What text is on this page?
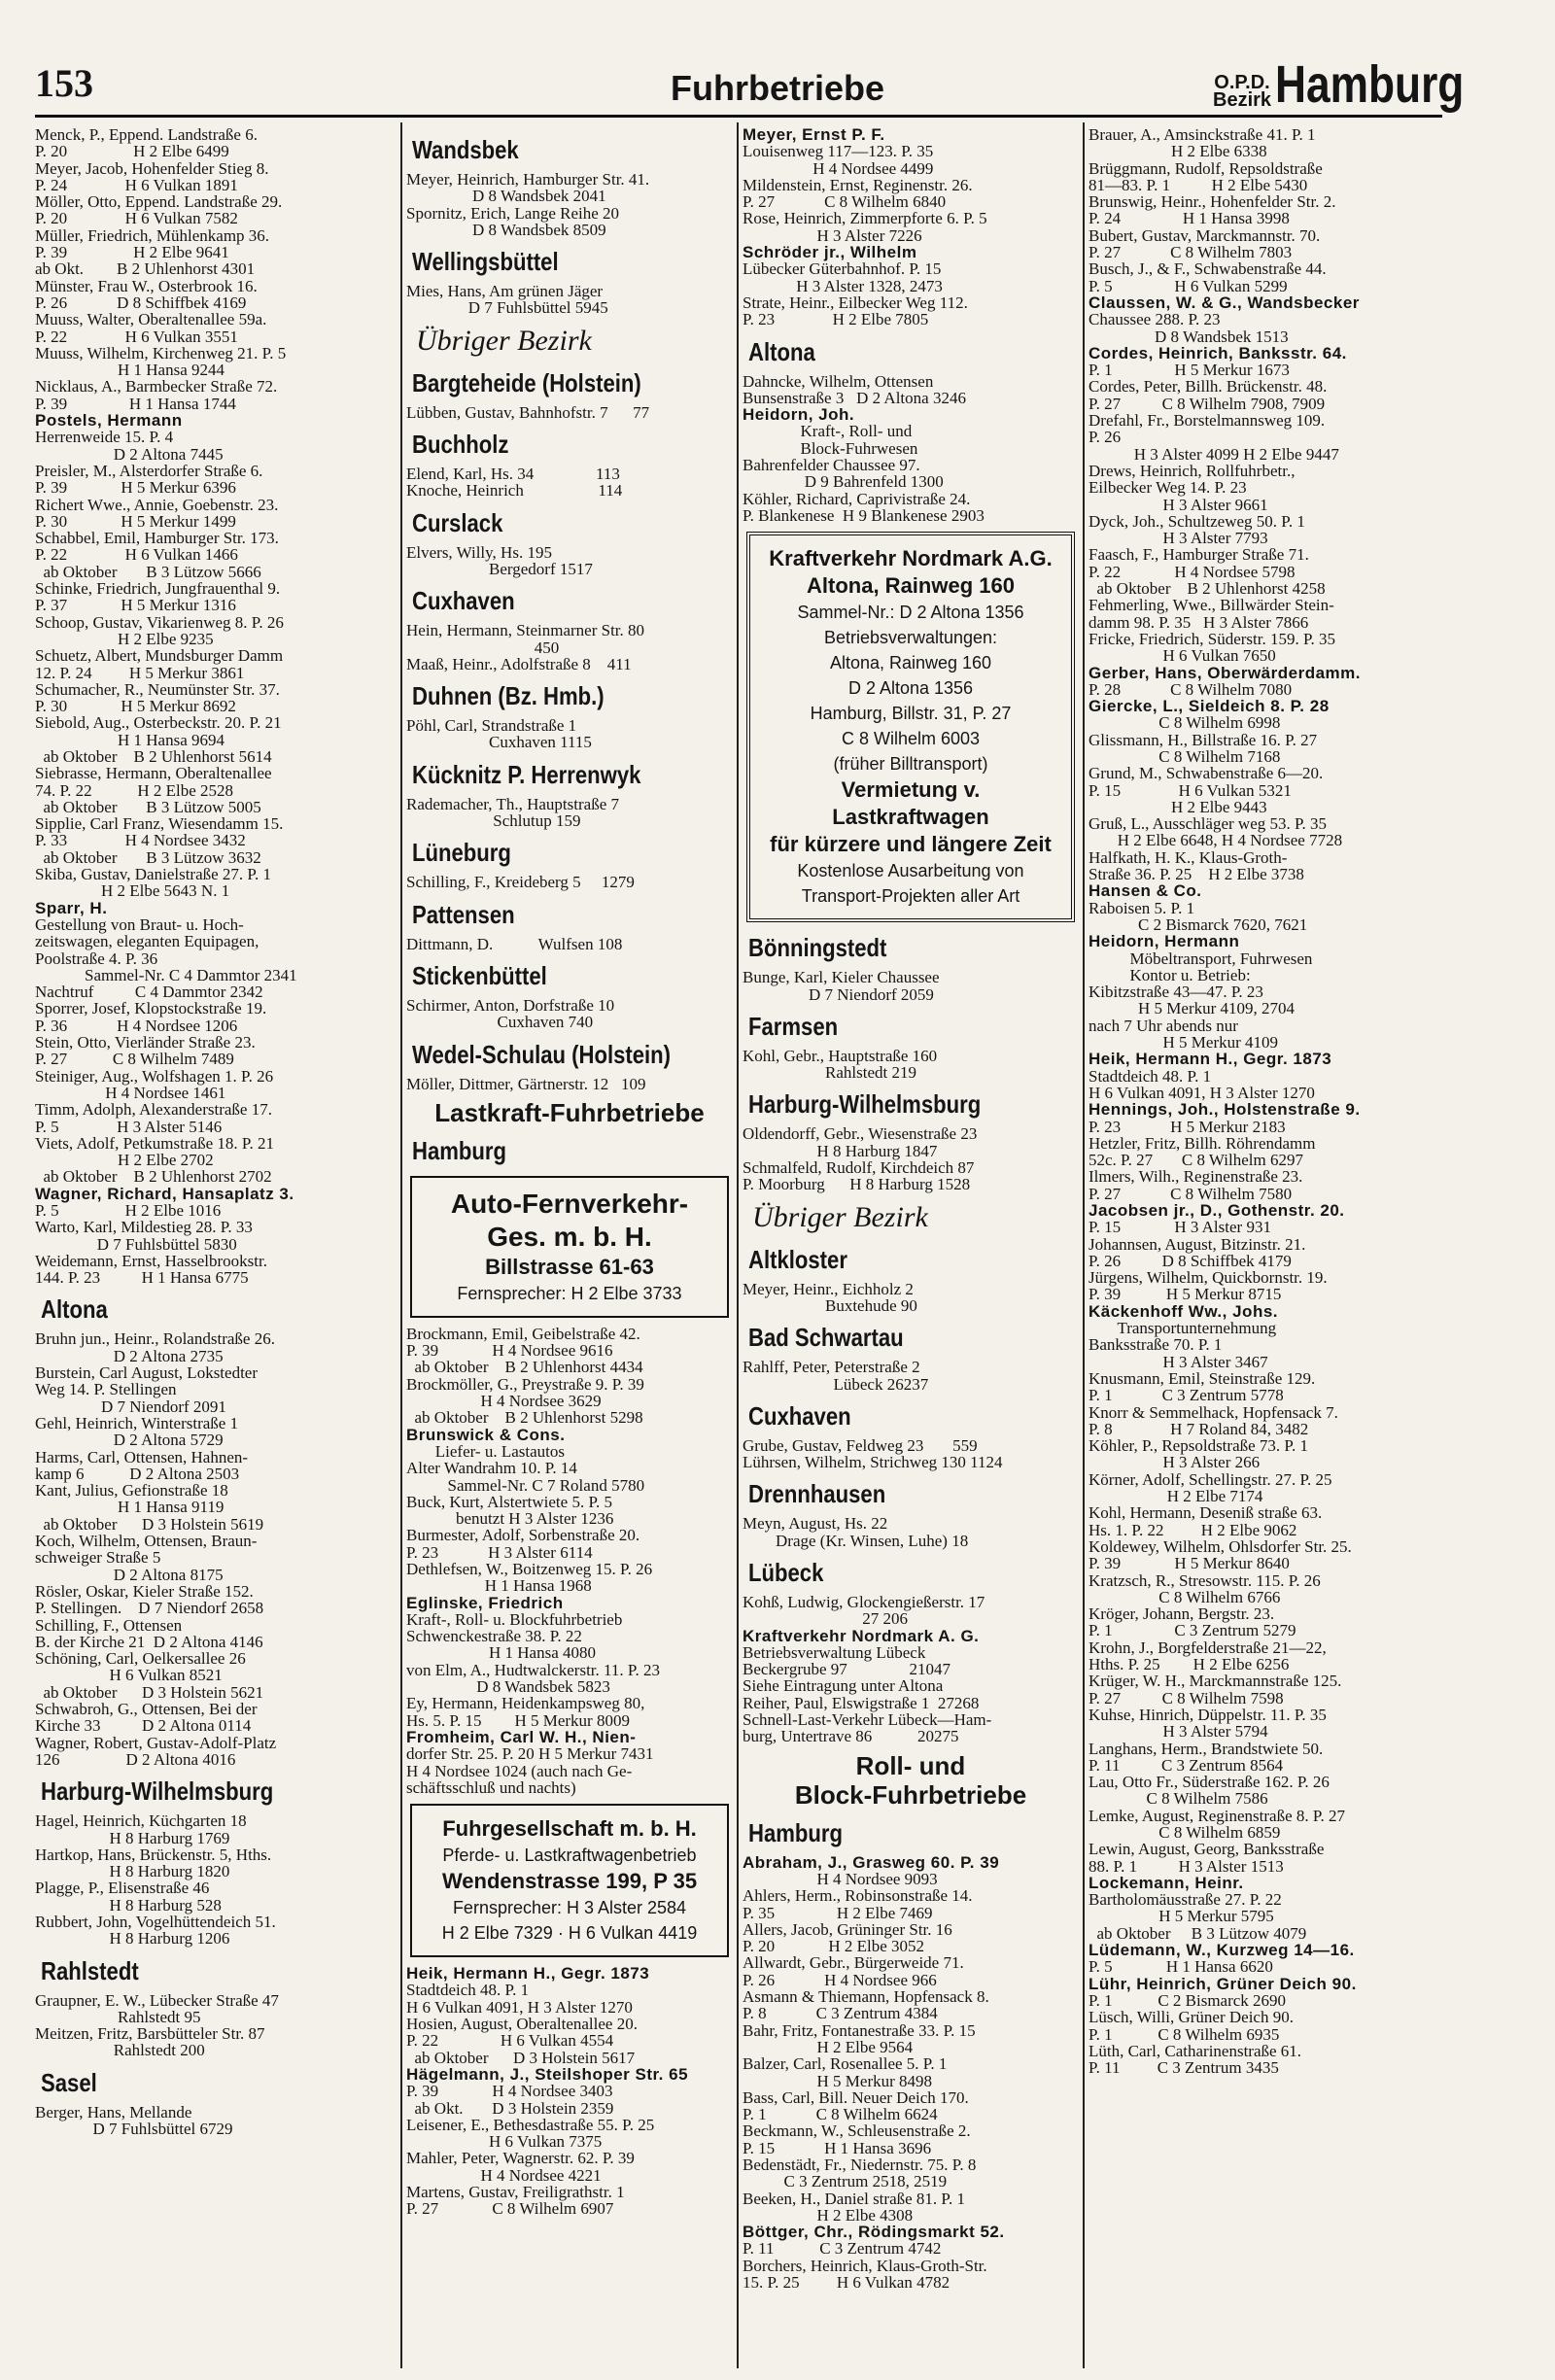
153	Fuhrbetriebe	O.P.D.
Bezirk Hamburg
Menck, P., Eppend. Landstraße 6.
P. 20                H 2 Elbe 6499
Meyer, Jacob, Hohenfelder Stieg 8.
P. 24              H 6 Vulkan 1891
Möller, Otto, Eppend. Landstraße 29.
P. 20              H 6 Vulkan 7582
Müller, Friedrich, Mühlenkamp 36.
P. 39                H 2 Elbe 9641
ab Okt.        B 2 Uhlenhorst 4301
Münster, Frau W., Osterbrook 16.
P. 26            D 8 Schiffbek 4169
Muuss, Walter, Oberaltenallee 59a.
P. 22              H 6 Vulkan 3551
Muuss, Wilhelm, Kirchenweg 21. P. 5
H 1 Hansa 9244
Nicklaus, A., Barmbecker Straße 72.
P. 39               H 1 Hansa 1744
Postels, Hermann
Herrenweide 15. P. 4
D 2 Altona 7445
Preisler, M., Alsterdorfer Straße 6.
P. 39             H 5 Merkur 6396
Richert Wwe., Annie, Goebenstr. 23.
P. 30             H 5 Merkur 1499
Schabbel, Emil, Hamburger Str. 173.
P. 22              H 6 Vulkan 1466
ab Oktober       B 3 Lützow 5666
Schinke, Friedrich, Jungfrauenthal 9.
P. 37             H 5 Merkur 1316
Schoop, Gustav, Vikarienweg 8. P. 26
H 2 Elbe 9235
Schuetz, Albert, Mundsburger Damm
12. P. 24         H 5 Merkur 3861
Schumacher, R., Neumünster Str. 37.
P. 30             H 5 Merkur 8692
Siebold, Aug., Osterbeckstr. 20. P. 21
H 1 Hansa 9694
ab Oktober    B 2 Uhlenhorst 5614
Siebrasse, Hermann, Oberaltenallee
74. P. 22           H 2 Elbe 2528
ab Oktober       B 3 Lützow 5005
Sipplie, Carl Franz, Wiesendamm 15.
P. 33              H 4 Nordsee 3432
ab Oktober       B 3 Lützow 3632
Skiba, Gustav, Danielstraße 27. P. 1
H 2 Elbe 5643 N. 1
Sparr, H.
Gestellung von Braut- u. Hoch-
zeitswagen, eleganten Equipagen,
Poolstraße 4. P. 36
Sammel-Nr. C 4 Dammtor 2341
Nachtruf          C 4 Dammtor 2342
Sporrer, Josef, Klopstockstraße 19.
P. 36            H 4 Nordsee 1206
Stein, Otto, Vierländer Straße 23.
P. 27           C 8 Wilhelm 7489
Steiniger, Aug., Wolfshagen 1. P. 26
H 4 Nordsee 1461
Timm, Adolph, Alexanderstraße 17.
P. 5              H 3 Alster 5146
Viets, Adolf, Petkumstraße 18. P. 21
H 2 Elbe 2702
ab Oktober    B 2 Uhlenhorst 2702
Wagner, Richard, Hansaplatz 3.
P. 5                H 2 Elbe 1016
Warto, Karl, Mildestieg 28. P. 33
D 7 Fuhlsbüttel 5830
Weidemann, Ernst, Hasselbrookstr.
144. P. 23          H 1 Hansa 6775
Altona
Bruhn jun., Heinr., Rolandstraße 26.
D 2 Altona 2735
Burstein, Carl August, Lokstedter
Weg 14. P. Stellingen
D 7 Niendorf 2091
Gehl, Heinrich, Winterstraße 1
D 2 Altona 5729
Harms, Carl, Ottensen, Hahnen-
kamp 6           D 2 Altona 2503
Kant, Julius, Gefionstraße 18
H 1 Hansa 9119
ab Oktober      D 3 Holstein 5619
Koch, Wilhelm, Ottensen, Braun-
schweiger Straße 5
D 2 Altona 8175
Rösler, Oskar, Kieler Straße 152.
P. Stellingen.    D 7 Niendorf 2658
Schilling, F., Ottensen
B. der Kirche 21  D 2 Altona 4146
Schöning, Carl, Oelkersallee 26
H 6 Vulkan 8521
ab Oktober      D 3 Holstein 5621
Schwabroh, G., Ottensen, Bei der
Kirche 33          D 2 Altona 0114
Wagner, Robert, Gustav-Adolf-Platz
126                D 2 Altona 4016
Harburg-Wilhelmsburg
Hagel, Heinrich, Küchgarten 18
H 8 Harburg 1769
Hartkop, Hans, Brückenstr. 5, Hths.
H 8 Harburg 1820
Plagge, P., Elisenstraße 46
H 8 Harburg 528
Rubbert, John, Vogelhüttendeich 51.
H 8 Harburg 1206
Rahlstedt
Graupner, E. W., Lübecker Straße 47
Rahlstedt 95
Meitzen, Fritz, Barsbütteler Str. 87
Rahlstedt 200
Sasel
Berger, Hans, Mellande
D 7 Fuhlsbüttel 6729
Wandsbek
Meyer, Heinrich, Hamburger Str. 41.
D 8 Wandsbek 2041
Spornitz, Erich, Lange Reihe 20
D 8 Wandsbek 8509
Wellingsbüttel
Mies, Hans, Am grünen Jäger
D 7 Fuhlsbüttel 5945
Übriger Bezirk
Bargteheide (Holstein)
Lübben, Gustav, Bahnhofstr. 7      77
Buchholz
Elend, Karl, Hs. 34               113
Knoche, Heinrich                  114
Curslack
Elvers, Willy, Hs. 195
Bergedorf 1517
Cuxhaven
Hein, Hermann, Steinmarner Str. 80
450
Maaß, Heinr., Adolfstraße 8    411
Duhnen (Bz. Hmb.)
Pöhl, Carl, Strandstraße 1
Cuxhaven 1115
Kücknitz P. Herrenwyk
Rademacher, Th., Hauptstraße 7
Schlutup 159
Lüneburg
Schilling, F., Kreideberg 5     1279
Pattensen
Dittmann, D.           Wulfsen 108
Stickenbüttel
Schirmer, Anton, Dorfstraße 10
Cuxhaven 740
Wedel-Schulau (Holstein)
Möller, Dittmer, Gärtnerstr. 12   109
Lastkraft-Fuhrbetriebe
Hamburg
Auto-Fernverkehr-
Ges. m. b. H.
Billstrasse 61-63
Fernsprecher: H 2 Elbe 3733
Brockmann, Emil, Geibelstraße 42.
P. 39             H 4 Nordsee 9616
ab Oktober    B 2 Uhlenhorst 4434
Brockmöller, G., Preystraße 9. P. 39
H 4 Nordsee 3629
ab Oktober    B 2 Uhlenhorst 5298
Brunswick & Cons.
Liefer- u. Lastautos
Alter Wandrahm 10. P. 14
Sammel-Nr. C 7 Roland 5780
Buck, Kurt, Alstertwiete 5. P. 5
benutzt H 3 Alster 1236
Burmester, Adolf, Sorbenstraße 20.
P. 23            H 3 Alster 6114
Dethlefsen, W., Boitzenweg 15. P. 26
H 1 Hansa 1968
Eglinske, Friedrich
Kraft-, Roll- u. Blockfuhrbetrieb
Schwenckestraße 38. P. 22
H 1 Hansa 4080
von Elm, A., Hudtwalckerstr. 11. P. 23
D 8 Wandsbek 5823
Ey, Hermann, Heidenkampsweg 80,
Hs. 5. P. 15        H 5 Merkur 8009
Fromheim, Carl W. H., Nien-
dorfer Str. 25. P. 20 H 5 Merkur 7431
H 4 Nordsee 1024 (auch nach Ge-
schäftsschluß und nachts)
Fuhrgesellschaft m. b. H.
Pferde- u. Lastkraftwagenbetrieb
Wendenstrasse 199, P 35
Fernsprecher: H 3 Alster 2584
H 2 Elbe 7329 · H 6 Vulkan 4419
Heik, Hermann H., Gegr. 1873
Stadtdeich 48. P. 1
H 6 Vulkan 4091, H 3 Alster 1270
Hosien, August, Oberaltenallee 20.
P. 22               H 6 Vulkan 4554
ab Oktober      D 3 Holstein 5617
Hägelmann, J., Steilshoper Str. 65
P. 39             H 4 Nordsee 3403
ab Okt.       D 3 Holstein 2359
Leisener, E., Bethesdastraße 55. P. 25
H 6 Vulkan 7375
Mahler, Peter, Wagnerstr. 62. P. 39
H 4 Nordsee 4221
Martens, Gustav, Freiligrathstr. 1
P. 27             C 8 Wilhelm 6907
Meyer, Ernst P. F.
Louisenweg 117—123. P. 35
H 4 Nordsee 4499
Mildenstein, Ernst, Reginenstr. 26.
P. 27            C 8 Wilhelm 6840
Rose, Heinrich, Zimmerpforte 6. P. 5
H 3 Alster 7226
Schröder jr., Wilhelm
Lübecker Güterbahnhof. P. 15
H 3 Alster 1328, 2473
Strate, Heinr., Eilbecker Weg 112.
P. 23              H 2 Elbe 7805
Altona
Dahncke, Wilhelm, Ottensen
Bunsenstraße 3   D 2 Altona 3246
Heidorn, Joh.
Kraft-, Roll- und
Block-Fuhrwesen
Bahrenfelder Chaussee 97.
D 9 Bahrenfeld 1300
Köhler, Richard, Caprivistraße 24.
P. Blankenese  H 9 Blankenese 2903
Kraftverkehr Nordmark A.G.
Altona, Rainweg 160
Sammel-Nr.: D 2 Altona 1356
Betriebsverwaltungen:
Altona, Rainweg 160
D 2 Altona 1356
Hamburg, Billstr. 31, P. 27
C 8 Wilhelm 6003
(früher Billtransport)
Vermietung v. Lastkraftwagen
für kürzere und längere Zeit
Kostenlose Ausarbeitung von
Transport-Projekten aller Art
Bönningstedt
Bunge, Karl, Kieler Chaussee
D 7 Niendorf 2059
Farmsen
Kohl, Gebr., Hauptstraße 160
Rahlstedt 219
Harburg-Wilhelmsburg
Oldendorff, Gebr., Wiesenstraße 23
H 8 Harburg 1847
Schmalfeld, Rudolf, Kirchdeich 87
P. Moorburg      H 8 Harburg 1528
Übriger Bezirk
Altkloster
Meyer, Heinr., Eichholz 2
Buxtehude 90
Bad Schwartau
Rahlff, Peter, Peterstraße 2
Lübeck 26237
Cuxhaven
Grube, Gustav, Feldweg 23       559
Lührsen, Wilhelm, Strichweg 130 1124
Drennhausen
Meyn, August, Hs. 22
Drage (Kr. Winsen, Luhe) 18
Lübeck
Kohß, Ludwig, Glockengießerstr. 17
27 206
Kraftverkehr Nordmark A. G.
Betriebsverwaltung Lübeck
Beckergrube 97               21047
Siehe Eintragung unter Altona
Reiher, Paul, Elswigstraße 1  27268
Schnell-Last-Verkehr Lübeck—Ham-
burg, Untertrave 86           20275
Roll- und
Block-Fuhrbetriebe
Hamburg
Abraham, J., Grasweg 60. P. 39
H 4 Nordsee 9093
Ahlers, Herm., Robinsonstraße 14.
P. 35               H 2 Elbe 7469
Allers, Jacob, Grüninger Str. 16
P. 20             H 2 Elbe 3052
Allwardt, Gebr., Bürgerweide 71.
P. 26            H 4 Nordsee 966
Asmann & Thiemann, Hopfensack 8.
P. 8            C 3 Zentrum 4384
Bahr, Fritz, Fontanestraße 33. P. 15
H 2 Elbe 9564
Balzer, Carl, Rosenallee 5. P. 1
H 5 Merkur 8498
Bass, Carl, Bill. Neuer Deich 170.
P. 1            C 8 Wilhelm 6624
Beckmann, W., Schleusenstraße 2.
P. 15            H 1 Hansa 3696
Bedenstädt, Fr., Niedernstr. 75. P. 8
C 3 Zentrum 2518, 2519
Beeken, H., Daniel straße 81. P. 1
H 2 Elbe 4308
Böttger, Chr., Rödingsmarkt 52.
P. 11           C 3 Zentrum 4742
Borchers, Heinrich, Klaus-Groth-Str.
15. P. 25         H 6 Vulkan 4782
Brauer, A., Amsinckstraße 41. P. 1
H 2 Elbe 6338
Brüggmann, Rudolf, Repsoldstraße
81—83. P. 1          H 2 Elbe 5430
Brunswig, Heinr., Hohenfelder Str. 2.
P. 24               H 1 Hansa 3998
Bubert, Gustav, Marckmannstr. 70.
P. 27            C 8 Wilhelm 7803
Busch, J., & F., Schwabenstraße 44.
P. 5               H 6 Vulkan 5299
Claussen, W. & G., Wandsbecker
Chaussee 288. P. 23
D 8 Wandsbek 1513
Cordes, Heinrich, Banksstr. 64.
P. 1               H 5 Merkur 1673
Cordes, Peter, Billh. Brückenstr. 48.
P. 27          C 8 Wilhelm 7908, 7909
Drefahl, Fr., Borstelmannsweg 109.
P. 26
H 3 Alster 4099 H 2 Elbe 9447
Drews, Heinrich, Rollfuhrbetr.,
Eilbecker Weg 14. P. 23
H 3 Alster 9661
Dyck, Joh., Schultzeweg 50. P. 1
H 3 Alster 7793
Faasch, F., Hamburger Straße 71.
P. 22             H 4 Nordsee 5798
ab Oktober    B 2 Uhlenhorst 4258
Fehmerling, Wwe., Billwärder Stein-
damm 98. P. 35   H 3 Alster 7866
Fricke, Friedrich, Süderstr. 159. P. 35
H 6 Vulkan 7650
Gerber, Hans, Oberwärderdamm.
P. 28            C 8 Wilhelm 7080
Giercke, L., Sieldeich 8. P. 28
C 8 Wilhelm 6998
Glissmann, H., Billstraße 16. P. 27
C 8 Wilhelm 7168
Grund, M., Schwabenstraße 6—20.
P. 15              H 6 Vulkan 5321
H 2 Elbe 9443
Gruß, L., Ausschläger weg 53. P. 35
H 2 Elbe 6648, H 4 Nordsee 7728
Halfkath, H. K., Klaus-Groth-
Straße 36. P. 25    H 2 Elbe 3738
Hansen & Co.
Raboisen 5. P. 1
C 2 Bismarck 7620, 7621
Heidorn, Hermann
Möbeltransport, Fuhrwesen
Kontor u. Betrieb:
Kibitzstraße 43—47. P. 23
H 5 Merkur 4109, 2704
nach 7 Uhr abends nur
H 5 Merkur 4109
Heik, Hermann H., Gegr. 1873
Stadtdeich 48. P. 1
H 6 Vulkan 4091, H 3 Alster 1270
Hennings, Joh., Holstenstraße 9.
P. 23            H 5 Merkur 2183
Hetzler, Fritz, Billh. Röhrendamm
52c. P. 27       C 8 Wilhelm 6297
Ilmers, Wilh., Reginenstraße 23.
P. 27            C 8 Wilhelm 7580
Jacobsen jr., D., Gothenstr. 20.
P. 15             H 3 Alster 931
Johannsen, August, Bitzinstr. 21.
P. 26          D 8 Schiffbek 4179
Jürgens, Wilhelm, Quickbornstr. 19.
P. 39           H 5 Merkur 8715
Käckenhoff Ww., Johs.
Transportunternehmung
Banksstraße 70. P. 1
H 3 Alster 3467
Knusmann, Emil, Steinstraße 129.
P. 1            C 3 Zentrum 5778
Knorr & Semmelhack, Hopfensack 7.
P. 8              H 7 Roland 84, 3482
Köhler, P., Repsoldstraße 73. P. 1
H 3 Alster 266
Körner, Adolf, Schellingstr. 27. P. 25
H 2 Elbe 7174
Kohl, Hermann, Deseniß straße 63.
Hs. 1. P. 22         H 2 Elbe 9062
Koldewey, Wilhelm, Ohlsdorfer Str. 25.
P. 39             H 5 Merkur 8640
Kratzsch, R., Stresowstr. 115. P. 26
C 8 Wilhelm 6766
Kröger, Johann, Bergstr. 23.
P. 1               C 3 Zentrum 5279
Krohn, J., Borgfelderstraße 21—22,
Hths. P. 25        H 2 Elbe 6256
Krüger, W. H., Marckmannstraße 125.
P. 27          C 8 Wilhelm 7598
Kuhse, Hinrich, Düppelstr. 11. P. 35
H 3 Alster 5794
Langhans, Herm., Brandstwiete 50.
P. 11          C 3 Zentrum 8564
Lau, Otto Fr., Süderstraße 162. P. 26
C 8 Wilhelm 7586
Lemke, August, Reginenstraße 8. P. 27
C 8 Wilhelm 6859
Lewin, August, Georg, Banksstraße
88. P. 1          H 3 Alster 1513
Lockemann, Heinr.
Bartholomäusstraße 27. P. 22
H 5 Merkur 5795
ab Oktober     B 3 Lützow 4079
Lüdemann, W., Kurzweg 14—16.
P. 5             H 1 Hansa 6620
Lühr, Heinrich, Grüner Deich 90.
P. 1           C 2 Bismarck 2690
Lüsch, Willi, Grüner Deich 90.
P. 1           C 8 Wilhelm 6935
Lüth, Carl, Catharinenstraße 61.
P. 11         C 3 Zentrum 3435
